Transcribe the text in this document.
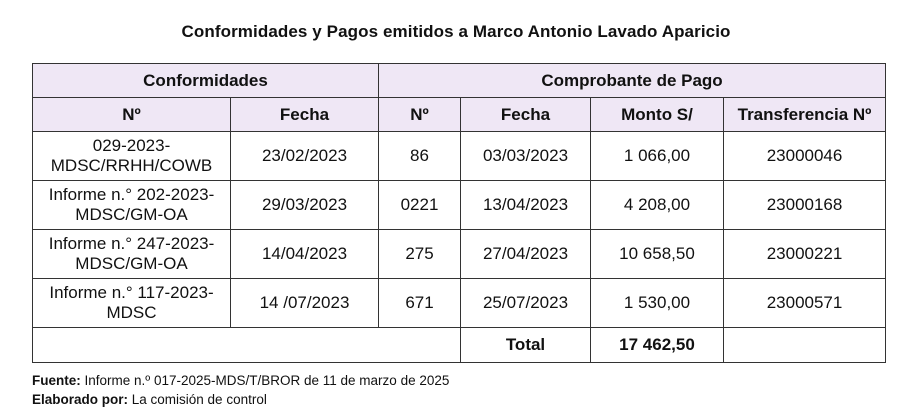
Conformidades y Pagos emitidos a Marco Antonio Lavado Aparicio
Conformidades		Comprobante de Pago			
Nº	Fecha	Nº	Fecha	Monto S/	Transferencia Nº
029-2023-MDSC/RRHH/COWB	23/02/2023	86	03/03/2023	1 066,00	23000046
Informe n.° 202-2023-MDSC/GM-OA	29/03/2023	0221	13/04/2023	4 208,00	23000168
Informe n.° 247-2023-MDSC/GM-OA	14/04/2023	275	27/04/2023	10 658,50	23000221
Informe n.° 117-2023-MDSC	14 /07/2023	671	25/07/2023	1 530,00	23000571
			Total	17 462,50	
Fuente: Informe n.º 017-2025-MDS/T/BROR de 11 de marzo de 2025
Elaborado por: La comisión de control
